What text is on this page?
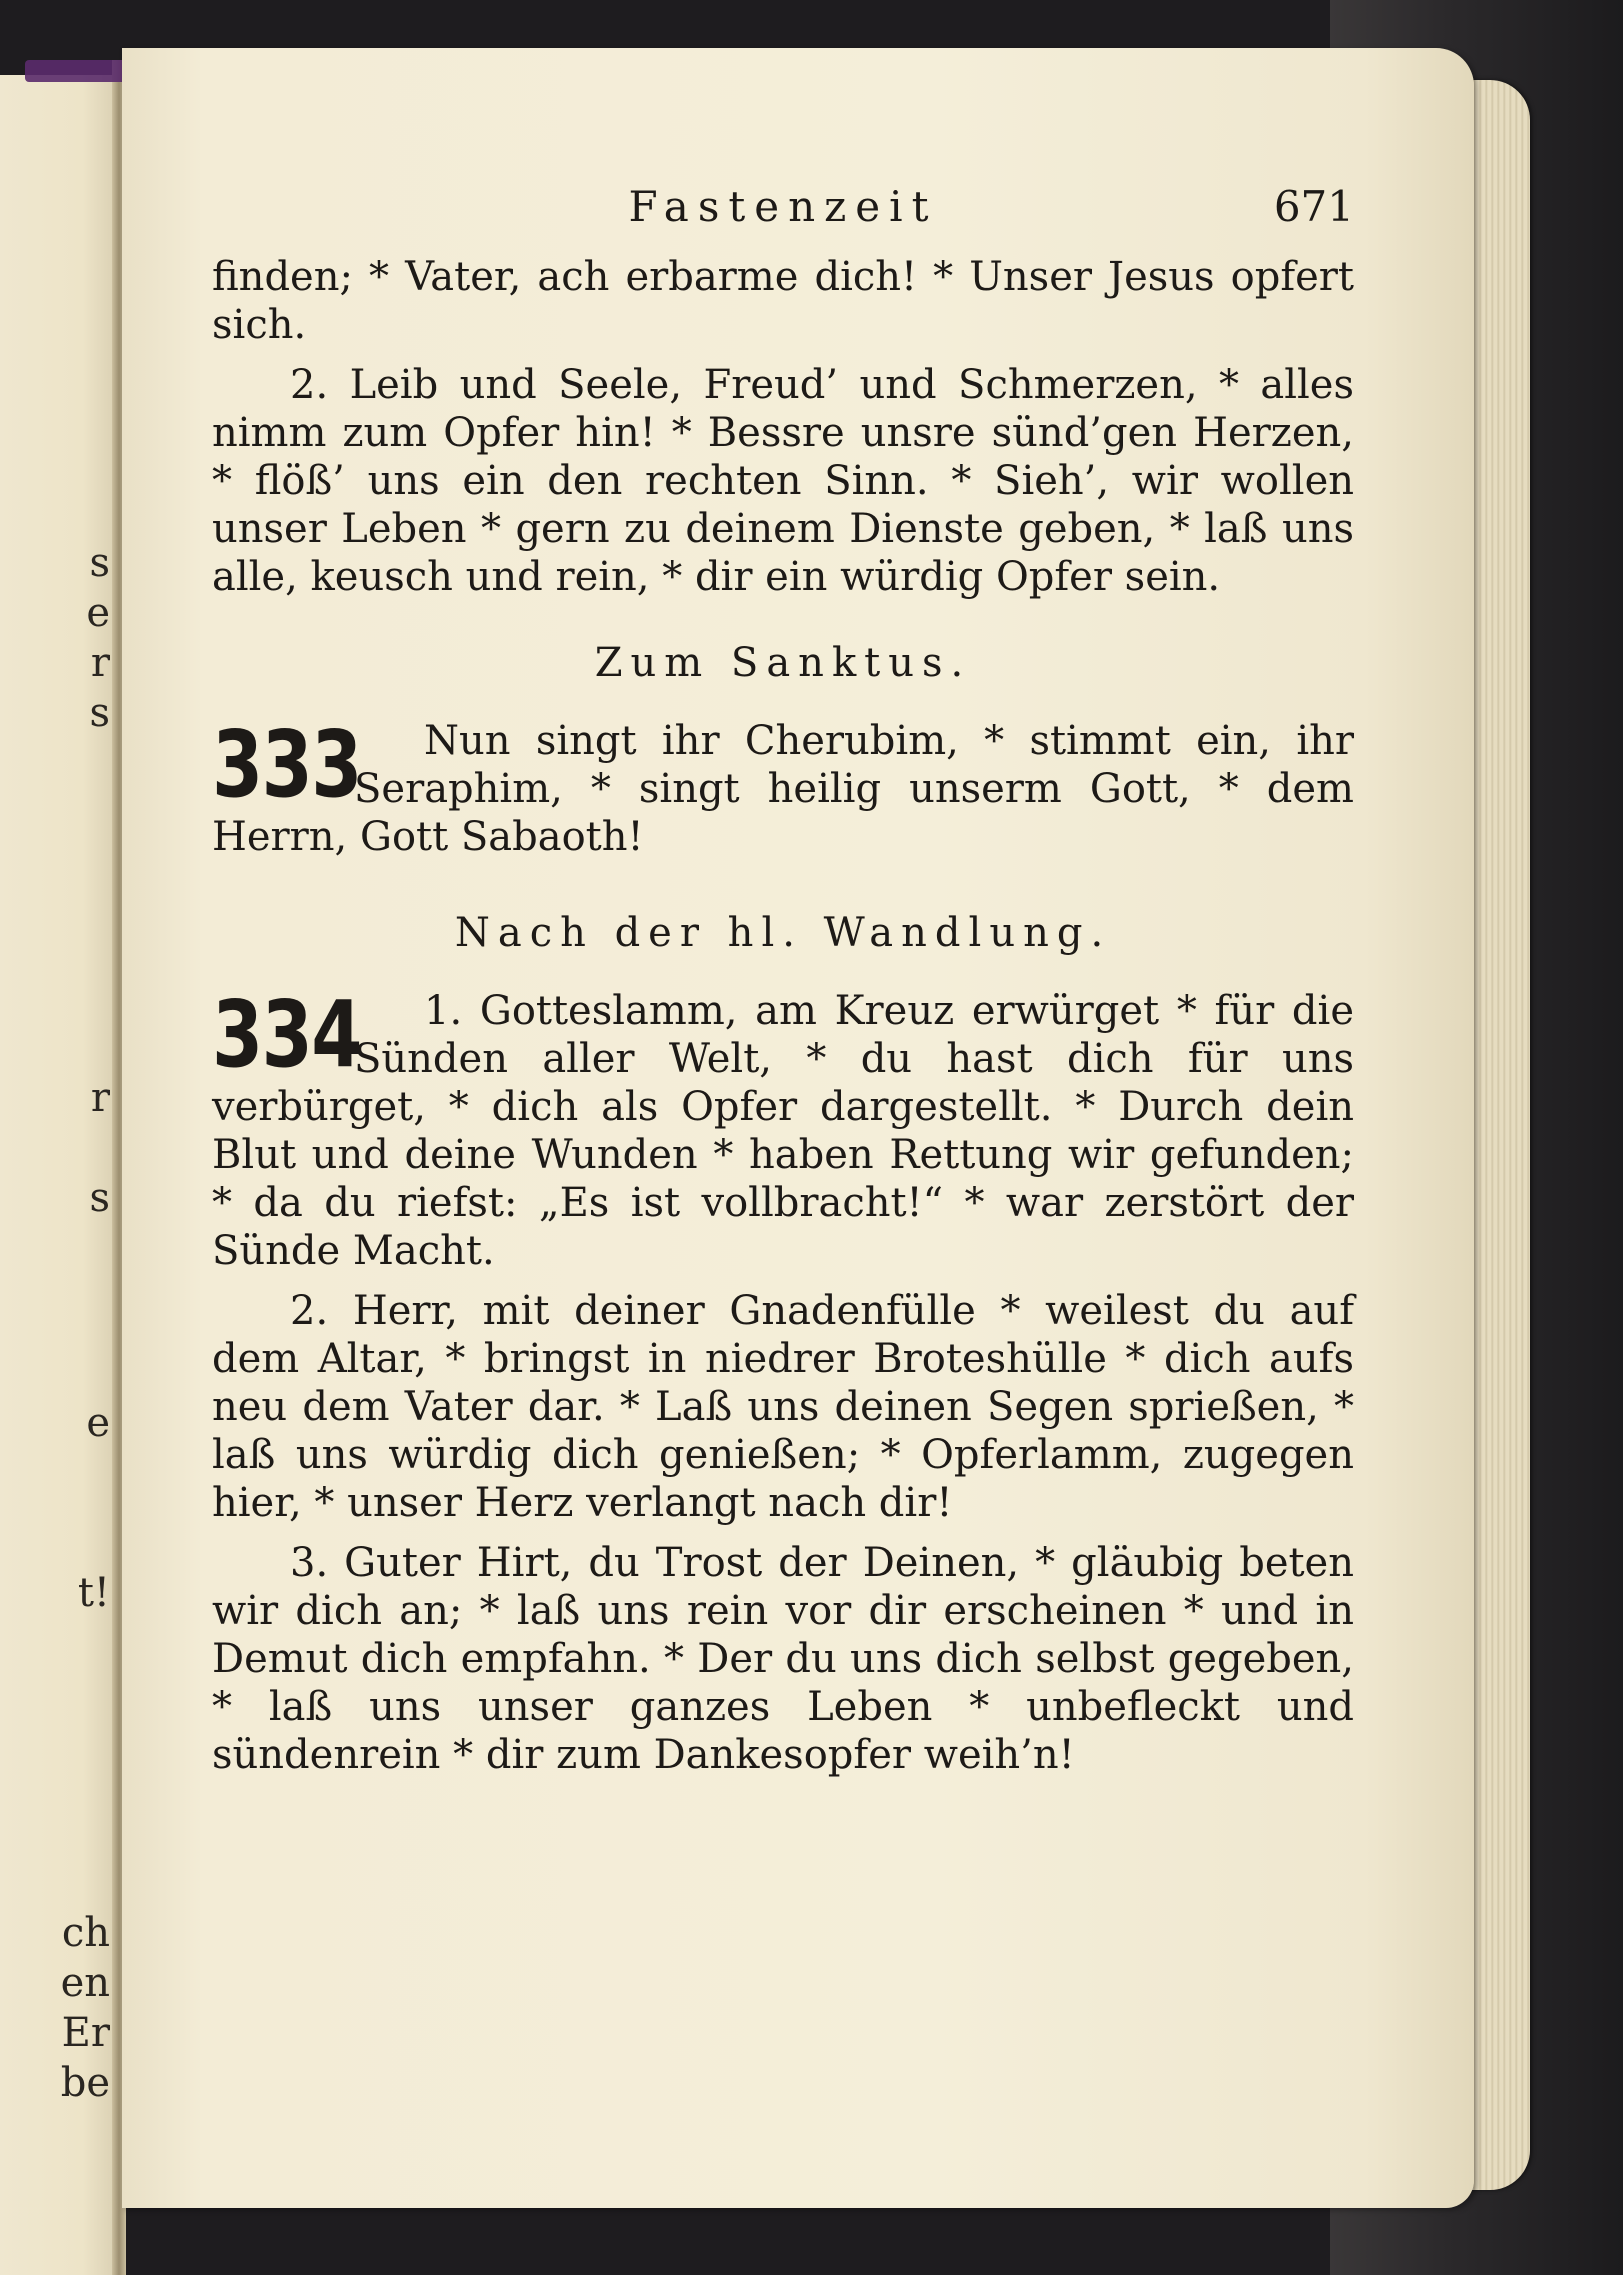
s
e
r
s
r
s
e
t!
ch
en
Er
be
Fastenzeit	671

finden; * Vater, ach erbarme dich! * Unser Jesus opfert sich.

2. Leib und Seele, Freud’ und Schmerzen, * alles nimm zum Opfer hin! * Bessre unsre sünd’gen Herzen, * flöß’ uns ein den rechten Sinn. * Sieh’, wir wollen unser Leben * gern zu deinem Dienste geben, * laß uns alle, keusch und rein, * dir ein würdig Opfer sein.

Zum Sanktus.

333	Nun singt ihr Cherubim, * stimmt ein, ihr Seraphim, * singt heilig unserm Gott, * dem Herrn, Gott Sabaoth!

Nach der hl. Wandlung.

334	1. Gotteslamm, am Kreuz erwürget * für die Sünden aller Welt, * du hast dich für uns verbürget, * dich als Opfer dargestellt. * Durch dein Blut und deine Wunden * haben Rettung wir gefunden; * da du riefst: „Es ist vollbracht!“ * war zerstört der Sünde Macht.

2. Herr, mit deiner Gnadenfülle * weilest du auf dem Altar, * bringst in niedrer Broteshülle * dich aufs neu dem Vater dar. * Laß uns deinen Segen sprießen, * laß uns würdig dich genießen; * Opferlamm, zugegen hier, * unser Herz verlangt nach dir!

3. Guter Hirt, du Trost der Deinen, * gläubig beten wir dich an; * laß uns rein vor dir erscheinen * und in Demut dich empfahn. * Der du uns dich selbst gegeben, * laß uns unser ganzes Leben * unbefleckt und sündenrein * dir zum Dankesopfer weih’n!
